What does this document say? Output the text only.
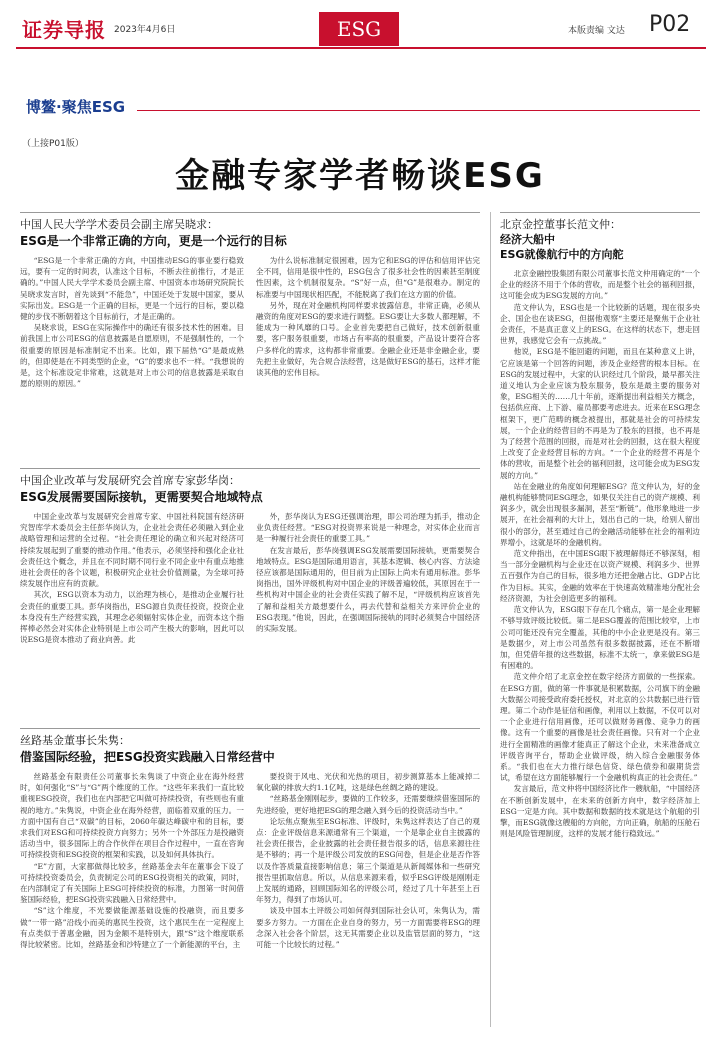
证券导报 2023年4月6日	ESG	本版责编 文达 P02
博鳌·聚焦ESG
（上接P01版）
金融专家学者畅谈ESG
中国人民大学学术委员会副主席吴晓求：
ESG是一个非常正确的方向，更是一个远行的目标

“ESG是一个非常正确的方向，中国推动ESG的事业要行稳致远，要有一定的时间表，认准这个目标，不断去往前推行，才是正确的。”中国人民大学学术委员会副主席、中国资本市场研究院院长吴晓求发言时，首先谈到“不能急”，中国还处于发展中国家，要从实际出发。ESG是一个正确的目标，更是一个远行的目标，要以稳健的步伐不断朝着这个目标前行，才是正确的。

吴晓求说，ESG在实际操作中的确还有很多技术性的困难。目前我国上市公司ESG的信息披露是自愿原则，不是强制性的，一个很重要的原因是标准制定不出来。比如，跟下届热“G”是最成熟的，但即使是在不同类型的企业，“G”的要求也不一样。“我想说的是，这个标准设定非常难，这就是对上市公司的信息披露是采取自愿的原则的原因。”

为什么说标准制定很困难，因为它和ESG的评估和信用评估完全不同，信用是很中性的，ESG包含了很多社会性的因素甚至制度性因素，这个机制很复杂。“S”好一点，但“G”是很难办。制定的标准要与中国现状相匹配，不能脱离了我们在这方面的价值。

另外，现在对金融机构同样要求披露信息，非常正确，必须从融资的角度对ESG的要求进行调整。ESG要让大多数人都理解，不能成为一种风靡的口号。企业首先要把自己做好，技术创新很重要，客户服务很重要，市场占有率高的很重要，产品设计要符合客户多样化的需求，这构都非常重要。金融企业还是非金融企业，要先把主业做好，先合规合法经营，这是做好ESG的基石，这样才能谈其他的宏伟目标。

中国企业改革与发展研究会首席专家彭华岗：
ESG发展需要国际接轨，更需要契合地域特点

中国企业改革与发展研究会首席专家、中国社科院国有经济研究智库学术委员会主任彭华岗认为，企业社会责任必须融入到企业战略管理和运营的全过程。“社会责任理论的确立和兴起对经济可持续发展起到了重要的推动作用。”他表示，必须坚持和强化企业社会责任这个概念，并且在不同时期不同行业不同企业中有重点地推进社会责任的各个议题，积极研究企业社会价值测量，为全球可持续发展作出应有的贡献。

其次，ESG以资本为动力，以治理为核心，是推动企业履行社会责任的重要工具。彭华岗指出，ESG源自负责任投资，投资企业本身没有生产经营实践，其理念必须辐射实体企业，而资本这个指挥棒必然会对实体企业特别是上市公司产生极大的影响，因此可以说ESG是资本推动了商业向善。此

外，彭华岗认为ESG还强调治理，即公司治理为抓手，推动企业负责任经营。“ESG对投资界来说是一种理念，对实体企业而言是一种履行社会责任的重要工具。”

在发言最后，彭华岗强调ESG发展需要国际接轨，更需要契合地域特点。ESG是国际通用语言，其基本逻辑、核心内容、方法途径应该都是国际通用的，但目前为止国际上尚未有通用标准。彭华岗指出，国外评级机构对中国企业的评级普遍较低，其原因在于一些机构对中国企业的社会责任实践了解不足，“评级机构应该首先了解和益相关方最想要什么，再去代替和益相关方来评价企业的ESG表现。”他说，因此，在强调国际接轨的同时必须契合中国经济的实际发展。

丝路基金董事长朱隽：
借鉴国际经验，把ESG投资实践融入日常经营中

丝路基金有限责任公司董事长朱隽谈了中资企业在海外经营时，如何强化“S”与“G”两个维度的工作。“这些年来我们一直比较重视ESG投资，我们也在内部把它叫做可持续投资，有些则也有重视的地方。”朱隽说，中资企业在海外经营，面临着双重的压力。一方面中国有自己“双碳”的目标，2060年碳达峰碳中和的目标，要求我们对ESG和可持续投资方向努力；另外一个外部压力是投融资活动当中，很多国际上的合作伙伴在项目合作过程中，一直在咨询可持续投资和ESG投资的框架和实践，以及如何具体执行。

“E”方面，大家都做得比较多，丝路基金去年在董事会下设了可持续投资委员会，负责制定公司的ESG投资相关的政策，同时，在内部制定了有关国际上ESG可持续投资的标准，力图第一时间借鉴国际经验，把ESG投资实践融入日常经营中。

“S”这个维度，不光要做能源基础设施的投融资，而且要多做“一带一路”沿线小而美的惠民生投资，这个惠民生在一定程度上有点类似于普惠金融，因为金额不是特别大，跟“S”这个维度联系得比较紧密。比如，丝路基金和沙特建立了一个新能源的平台，主

要投资于风电、光伏和光热的项目，初步测算基本上能减掉二氧化碳的排放大约1.1亿吨，这是绿色丝绸之路的建设。

“丝路基金刚刚起步，要做的工作较多，还需要继续借鉴国际的先进经验，更好地把ESG的理念融入到今后的投资活动当中。”

论坛焦点聚焦至ESG标准、评级时，朱隽这样表达了自己的观点：企业评级信息来源通常有三个渠道，一个是靠企业自主披露的社会责任报告，企业披露的社会责任报告很多的话，信息来源往往是不够的；再一个是评级公司发放的ESG问卷，但是企业是否作答以及作答质量直接影响信息；第三个渠道是从新闻媒体和一些研究报告里抓取信息。所以，从信息来源来看，似乎ESG评级是刚刚走上发展的通路，回顾国际知名的评级公司，经过了几十年甚至上百年努力，得到了市场认可。

谈及中国本土评级公司如何得到国际社会认可，朱隽认为，需要多方努力。一方面在企业自身的努力，另一方面需要将ESG的理念深入社会各个阶层，这无其需要企业以及监管层面的努力，“这可能一个比较长的过程。”

北京金控董事长范文仲：
经济大船中
ESG就像航行中的方向舵

北京金融控股集团有限公司董事长范文仲用确定的“一个企业的经济不用于个体的营收，而是整个社会的福利回报，这可能会成为ESG发展的方向。”

范文仲认为，ESG也是一个比较新的话题，现在很多央企、国企也在谈ESG，但据他观察“主要还是聚焦于企业社会责任，不是真正意义上的ESG。在这样的状态下，想走回世界，我感觉它会有一点挑战。”

他说，ESG是不能回避的问题，而且在某种意义上讲，它应该是第一个回答的问题，涉及企业经营的根本目标。在ESG的发展过程中，大家的认识经过几个阶段，最早都关注道义地认为企业应该为股东服务，股东是最主要的服务对象，ESG相关的……几十年前，逐渐提出利益相关方概念，包括供应商、上下游、雇员都要考虑进去。近来在ESG理念框架下，更广范畴的概念被提出，那就是社会的可持续发展，一个企业的经营目的不再是为了股东的回报，也不再是为了经营个范围的回报，而是对社会的回报，这在很大程度上改变了企业经营目标的方向。“一个企业的经营不再是个体的营收，而是整个社会的福利回报，这可能会成为ESG发展的方向。”

站在金融业的角度如何理解ESG？范文仲认为，好的金融机构能够赞同ESG理念，如果仅关注自己的资产规模、利润多少，就会出现很多漏洞，甚至“断链”。他形象地进一步展开，在社会福利的大计上，划出自己的一块，给别人留出很小的部分，甚至通过自己的金融活动能够在社会的福利边界增小，这就是坏的金融机构。

范文仲指出，在中国ESG眼下被理解得还不够深刻，相当一部分金融机构与企业还在以资产规模、利润多少、世界五百强作为自己的目标，很多地方还把金融占比、GDP占比作为目标。其实，金融的效率在于快速高效精准地分配社会经济资源，为社会创造更多的福利。

范文仲认为，ESG眼下存在几个痛点，第一是企业理解不够导致评级比较低。第二是ESG覆盖的范围比较窄，上市公司可能还没有完全覆盖，其他的中小企业更是没有。第三是数据少，对上市公司虽然有很多数据披露，还在不断增加，但凭借年报的这些数据，标准不太统一，拿来做ESG是有困难的。

范文仲介绍了北京金控在数字经济方面做的一些探索。在ESG方面，做的第一件事就是积累数据，公司旗下的金融大数据公司接受政府委托授权，对北京的公共数据已进行管理。第二个动作是征信和画像，利用以上数据，不仅可以对一个企业进行信用画像，还可以做财务画像、竞争力的画像。这有一个重要的画像是社会责任画像。只有对一个企业进行全面精准的画像才能真正了解这个企业，未来准备成立评级咨询平台，帮助企业做评级，纳入综合金融服务体系。“我们也在大力推行绿色信贷、绿色债券和碳期货尝试，希望在这方面能够履行一个金融机构真正的社会责任。”

发言最后，范文仲将中国经济比作一艘航船，“中国经济在不断创新发展中，在未来的创新方向中，数字经济加上ESG一定是方向。其中数据和数据的技术就是这个航船的引擎，而ESG就像这艘船的方向舵，方向正确，航船的压舱石则是风险管理制度，这样的发展才能行稳致远。”
